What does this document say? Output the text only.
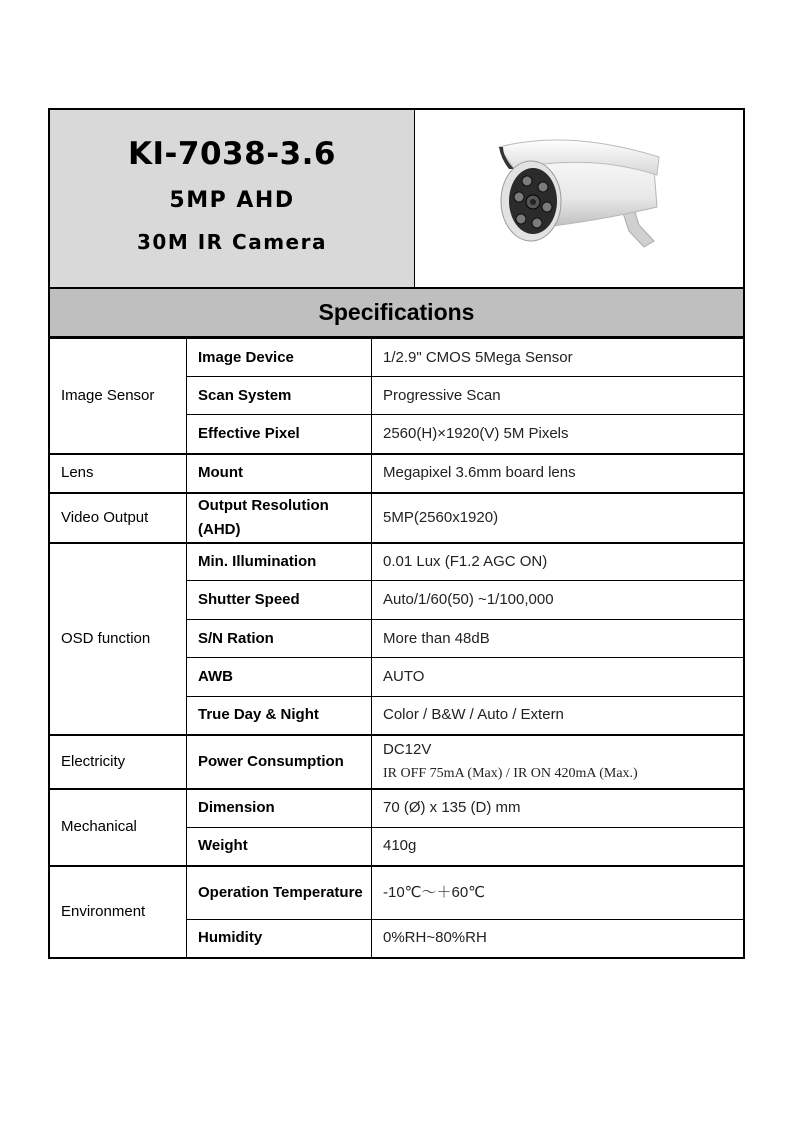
KI-7038-3.6
5MP AHD
30M IR Camera
Specifications
Image Sensor	Image Device	1/2.9" CMOS 5Mega Sensor
	Scan System	Progressive Scan
	Effective Pixel	2560(H)×1920(V) 5M Pixels
Lens	Mount	Megapixel 3.6mm board lens
Video Output	Output Resolution (AHD)	5MP(2560x1920)
OSD function	Min. Illumination	0.01 Lux (F1.2 AGC ON)
	Shutter Speed	Auto/1/60(50) ~1/100,000
	S/N Ration	More than 48dB
	AWB	AUTO
	True Day & Night	Color / B&W / Auto / Extern
Electricity	Power Consumption	DC12V
IR OFF 75mA (Max) / IR ON 420mA (Max.)

Mechanical	Dimension	70 (Ø) x 135 (D) mm
	Weight	410g
Environment	Operation Temperature	-10℃～＋60℃
	Humidity	0%RH~80%RH
